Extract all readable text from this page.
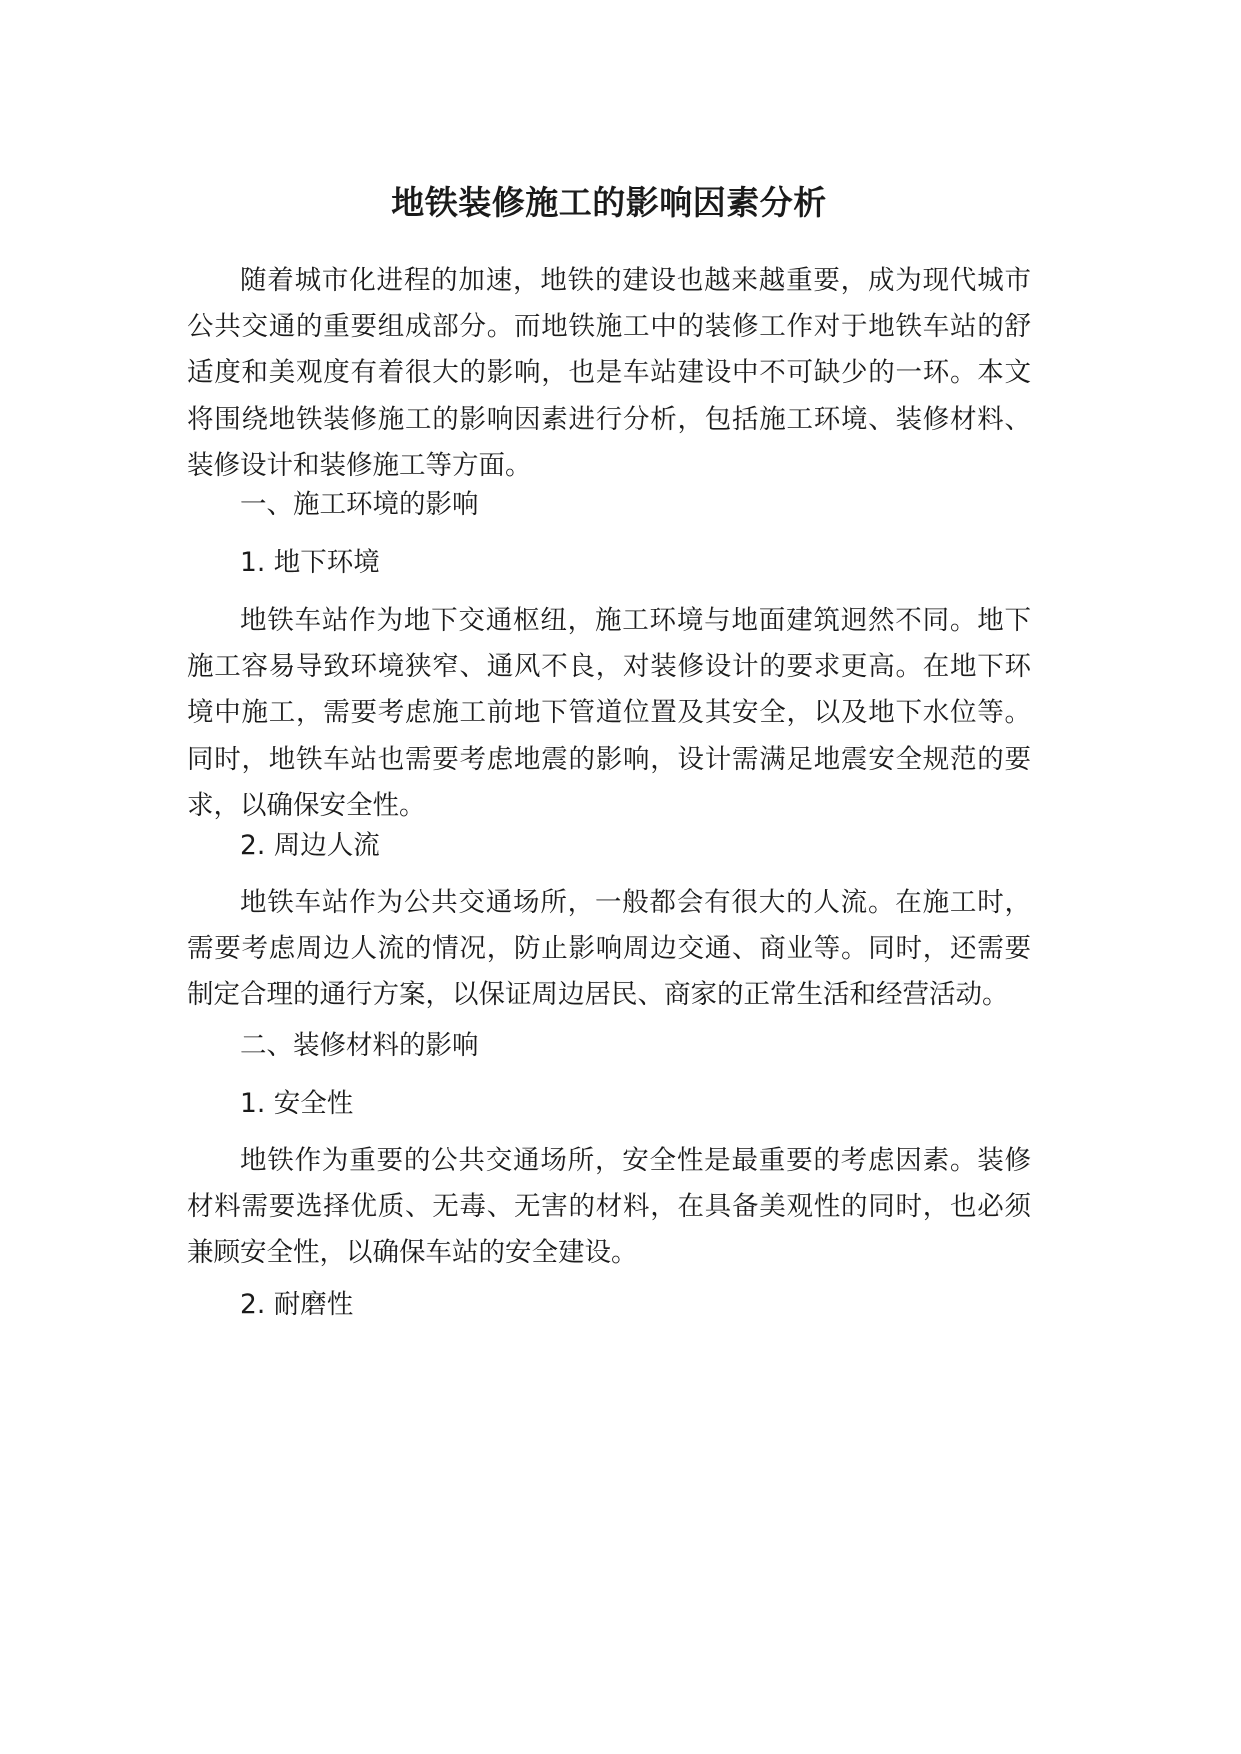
地铁装修施工的影响因素分析

随着城市化进程的加速，地铁的建设也越来越重要，成为现代城市公共交通的重要组成部分。而地铁施工中的装修工作对于地铁车站的舒适度和美观度有着很大的影响，也是车站建设中不可缺少的一环。本文将围绕地铁装修施工的影响因素进行分析，包括施工环境、装修材料、装修设计和装修施工等方面。

一、施工环境的影响

1. 地下环境

地铁车站作为地下交通枢纽，施工环境与地面建筑迥然不同。地下施工容易导致环境狭窄、通风不良，对装修设计的要求更高。在地下环境中施工，需要考虑施工前地下管道位置及其安全，以及地下水位等。同时，地铁车站也需要考虑地震的影响，设计需满足地震安全规范的要求，以确保安全性。

2. 周边人流

地铁车站作为公共交通场所，一般都会有很大的人流。在施工时，需要考虑周边人流的情况，防止影响周边交通、商业等。同时，还需要制定合理的通行方案，以保证周边居民、商家的正常生活和经营活动。

二、装修材料的影响

1. 安全性

地铁作为重要的公共交通场所，安全性是最重要的考虑因素。装修材料需要选择优质、无毒、无害的材料，在具备美观性的同时，也必须兼顾安全性，以确保车站的安全建设。

2. 耐磨性
